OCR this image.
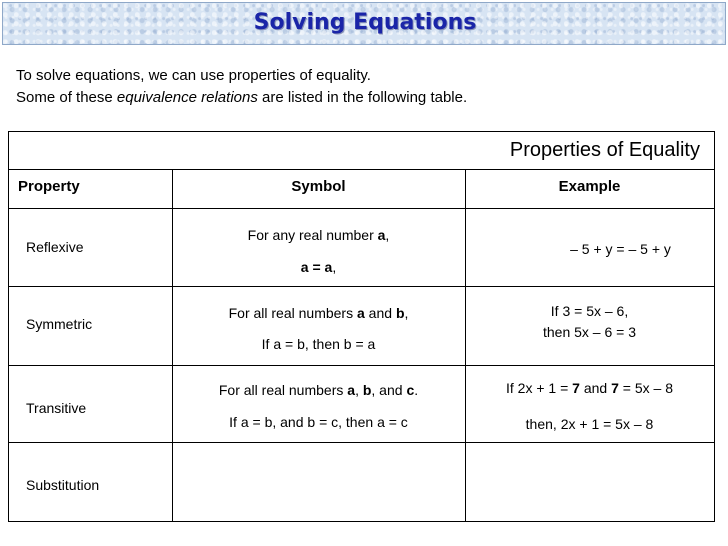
Solving Equations
To solve equations, we can use properties of equality.
Some of these equivalence relations are listed in the following table.
Properties of Equality
Property	Symbol	Example
Reflexive
For any real number a,
a = a,
– 5 + y = – 5 + y
Symmetric
For all real numbers a and b,
If a = b, then b = a
If 3 = 5x – 6,
then 5x – 6 = 3
Transitive
For all real numbers a, b, and c.
If a = b, and b = c, then a = c
If 2x + 1 = 7 and 7 = 5x – 8
then, 2x + 1 = 5x – 8
Substitution
